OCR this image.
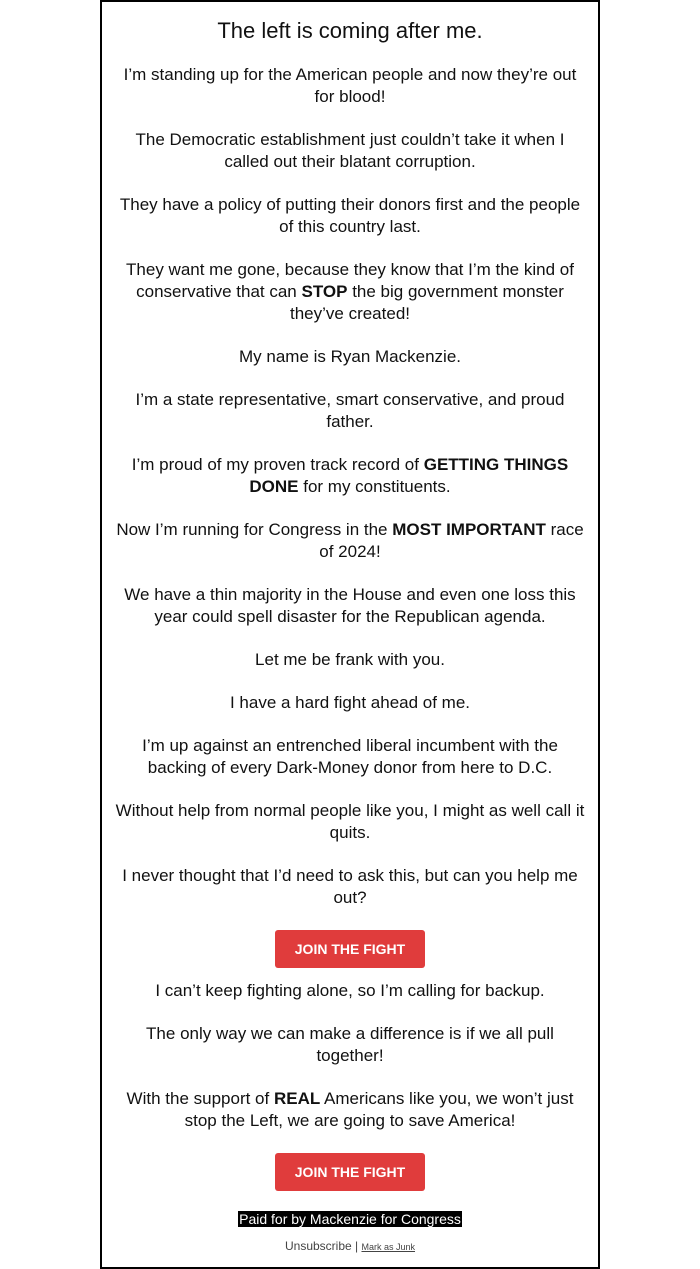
The left is coming after me.

I’m standing up for the American people and now they’re out for blood!

The Democratic establishment just couldn’t take it when I called out their blatant corruption.

They have a policy of putting their donors first and the people of this country last.

They want me gone, because they know that I’m the kind of conservative that can STOP the big government monster they’ve created!

My name is Ryan Mackenzie.

I’m a state representative, smart conservative, and proud father.

I’m proud of my proven track record of GETTING THINGS DONE for my constituents.

Now I’m running for Congress in the MOST IMPORTANT race of 2024!

We have a thin majority in the House and even one loss this year could spell disaster for the Republican agenda.

Let me be frank with you.

I have a hard fight ahead of me.

I’m up against an entrenched liberal incumbent with the backing of every Dark-Money donor from here to D.C.

Without help from normal people like you, I might as well call it quits.

I never thought that I’d need to ask this, but can you help me out?

JOIN THE FIGHT

I can’t keep fighting alone, so I’m calling for backup.

The only way we can make a difference is if we all pull together!

With the support of REAL Americans like you, we won’t just stop the Left, we are going to save America!

JOIN THE FIGHT
Paid for by Mackenzie for Congress
Unsubscribe | Mark as Junk
